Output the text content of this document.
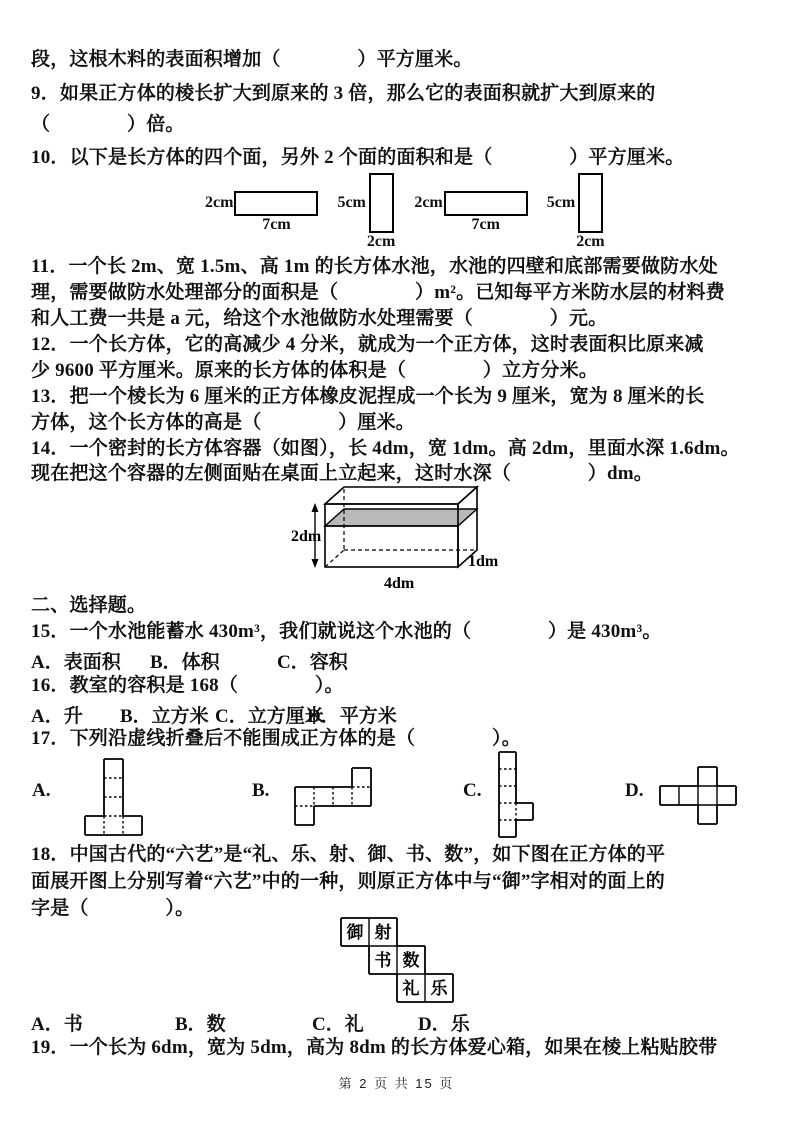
段，这根木料的表面积增加（　　　　）平方厘米。
9．如果正方体的棱长扩大到原来的 3 倍，那么它的表面积就扩大到原来的
（　　　　）倍。
10．以下是长方体的四个面，另外 2 个面的面积和是（　　　　）平方厘米。
2cm
7cm
5cm
2cm
2cm
7cm
5cm
2cm
11．一个长 2m、宽 1.5m、高 1m 的长方体水池，水池的四壁和底部需要做防水处
理，需要做防水处理部分的面积是（　　　　）m²。已知每平方米防水层的材料费
和人工费一共是 a 元，给这个水池做防水处理需要（　　　　）元。
12．一个长方体，它的高减少 4 分米，就成为一个正方体，这时表面积比原来减
少 9600 平方厘米。原来的长方体的体积是（　　　　）立方分米。
13．把一个棱长为 6 厘米的正方体橡皮泥捏成一个长为 9 厘米，宽为 8 厘米的长
方体，这个长方体的高是（　　　　）厘米。
14．一个密封的长方体容器（如图），长 4dm，宽 1dm。高 2dm，里面水深 1.6dm。
现在把这个容器的左侧面贴在桌面上立起来，这时水深（　　　　）dm。
2dm
4dm
1dm
二、选择题。
15．一个水池能蓄水 430m³，我们就说这个水池的（　　　　）是 430m³。
A．表面积 B．体积	C．容积
16．教室的容积是 168（　　　　）。
A．升 B．立方米 C．立方厘米
D．平方米
17．下列沿虚线折叠后不能围成正方体的是（　　　　）。
A.	B.	C.	D.
18．中国古代的“六艺”是“礼、乐、射、御、书、数”，如下图在正方体的平
面展开图上分别写着“六艺”中的一种，则原正方体中与“御”字相对的面上的
字是（　　　　）。
御 射
书 数
礼 乐
A．书	B．数	C．礼	D．乐
19．一个长为 6dm，宽为 5dm，高为 8dm 的长方体爱心箱，如果在棱上粘贴胶带
第 2 页 共 15 页
